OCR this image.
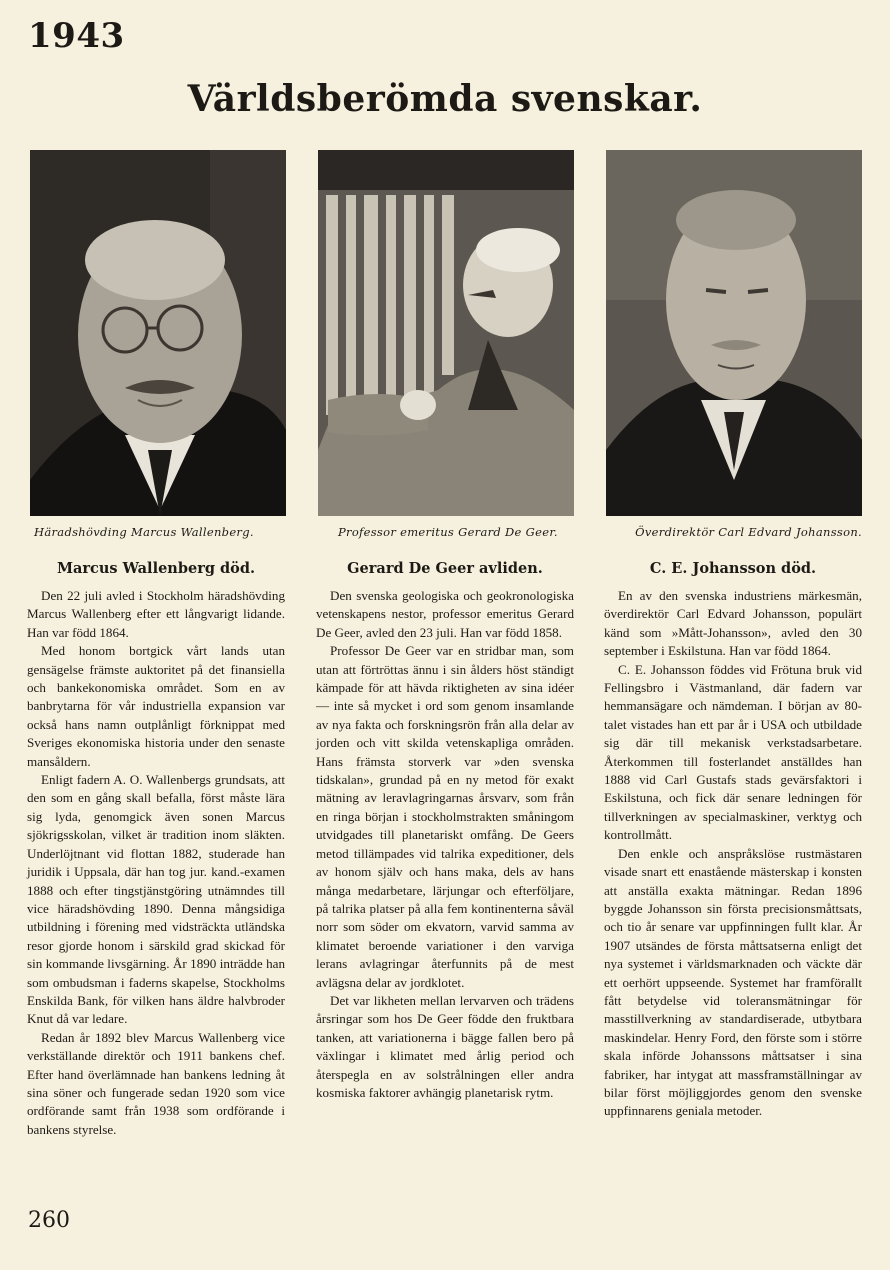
1943
Världsberömda svenskar.
Häradshövding Marcus Wallenberg.	Professor emeritus Gerard De Geer.	Överdirektör Carl Edvard Johansson.
Marcus Wallenberg död.

Den 22 juli avled i Stockholm häradshövding Marcus Wallenberg efter ett långvarigt lidande. Han var född 1864.

Med honom bortgick vårt lands utan gensägelse främste auktoritet på det finansiella och bankekonomiska området. Som en av banbrytarna för vår industriella expansion var också hans namn outplånligt förknippat med Sveriges ekonomiska historia under den senaste mansåldern.

Enligt fadern A. O. Wallenbergs grundsats, att den som en gång skall befalla, först måste lära sig lyda, genomgick även sonen Marcus sjökrigsskolan, vilket är tradition inom släkten. Underlöjtnant vid flottan 1882, studerade han juridik i Uppsala, där han tog jur. kand.-examen 1888 och efter tingstjänstgöring utnämndes till vice häradshövding 1890. Denna mångsidiga utbildning i förening med vidsträckta utländska resor gjorde honom i särskild grad skickad för sin kommande livsgärning. År 1890 inträdde han som ombudsman i faderns skapelse, Stockholms Enskilda Bank, för vilken hans äldre halvbroder Knut då var ledare.

Redan år 1892 blev Marcus Wallenberg vice verkställande direktör och 1911 bankens chef. Efter hand överlämnade han bankens ledning åt sina söner och fungerade sedan 1920 som vice ordförande samt från 1938 som ordförande i bankens styrelse.

Gerard De Geer avliden.

Den svenska geologiska och geokronologiska vetenskapens nestor, professor emeritus Gerard De Geer, avled den 23 juli. Han var född 1858.

Professor De Geer var en stridbar man, som utan att förtröttas ännu i sin ålders höst ständigt kämpade för att hävda riktigheten av sina idéer — inte så mycket i ord som genom insamlande av nya fakta och forskningsrön från alla delar av jorden och vitt skilda vetenskapliga områden. Hans främsta storverk var »den svenska tidskalan», grundad på en ny metod för exakt mätning av leravlagringarnas årsvarv, som från en ringa början i stockholmstrakten småningom utvidgades till planetariskt omfång. De Geers metod tillämpades vid talrika expeditioner, dels av honom själv och hans maka, dels av hans många medarbetare, lärjungar och efterföljare, på talrika platser på alla fem kontinenterna såväl norr som söder om ekvatorn, varvid samma av klimatet beroende variationer i den varviga lerans avlagringar återfunnits på de mest avlägsna delar av jordklotet.

Det var likheten mellan lervarven och trädens årsringar som hos De Geer födde den fruktbara tanken, att variationerna i bägge fallen bero på växlingar i klimatet med årlig period och återspegla en av solstrålningen eller andra kosmiska faktorer avhängig planetarisk rytm.

C. E. Johansson död.

En av den svenska industriens märkesmän, överdirektör Carl Edvard Johansson, populärt känd som »Mått-Johansson», avled den 30 september i Eskilstuna. Han var född 1864.

C. E. Johansson föddes vid Frötuna bruk vid Fellingsbro i Västmanland, där fadern var hemmansägare och nämdeman. I början av 80-talet vistades han ett par år i USA och utbildade sig där till mekanisk verkstadsarbetare. Återkommen till fosterlandet anställdes han 1888 vid Carl Gustafs stads gevärsfaktori i Eskilstuna, och fick där senare ledningen för tillverkningen av specialmaskiner, verktyg och kontrollmått.

Den enkle och anspråkslöse rustmästaren visade snart ett enastående mästerskap i konsten att anställa exakta mätningar. Redan 1896 byggde Johansson sin första precisionsmåttsats, och tio år senare var uppfinningen fullt klar. År 1907 utsändes de första måttsatserna enligt det nya systemet i världsmarknaden och väckte där ett oerhört uppseende. Systemet har framförallt fått betydelse vid toleransmätningar för masstillverkning av standardiserade, utbytbara maskindelar. Henry Ford, den förste som i större skala införde Johanssons måttsatser i sina fabriker, har intygat att massframställningar av bilar först möjliggjordes genom den svenske uppfinnarens geniala metoder.

260
